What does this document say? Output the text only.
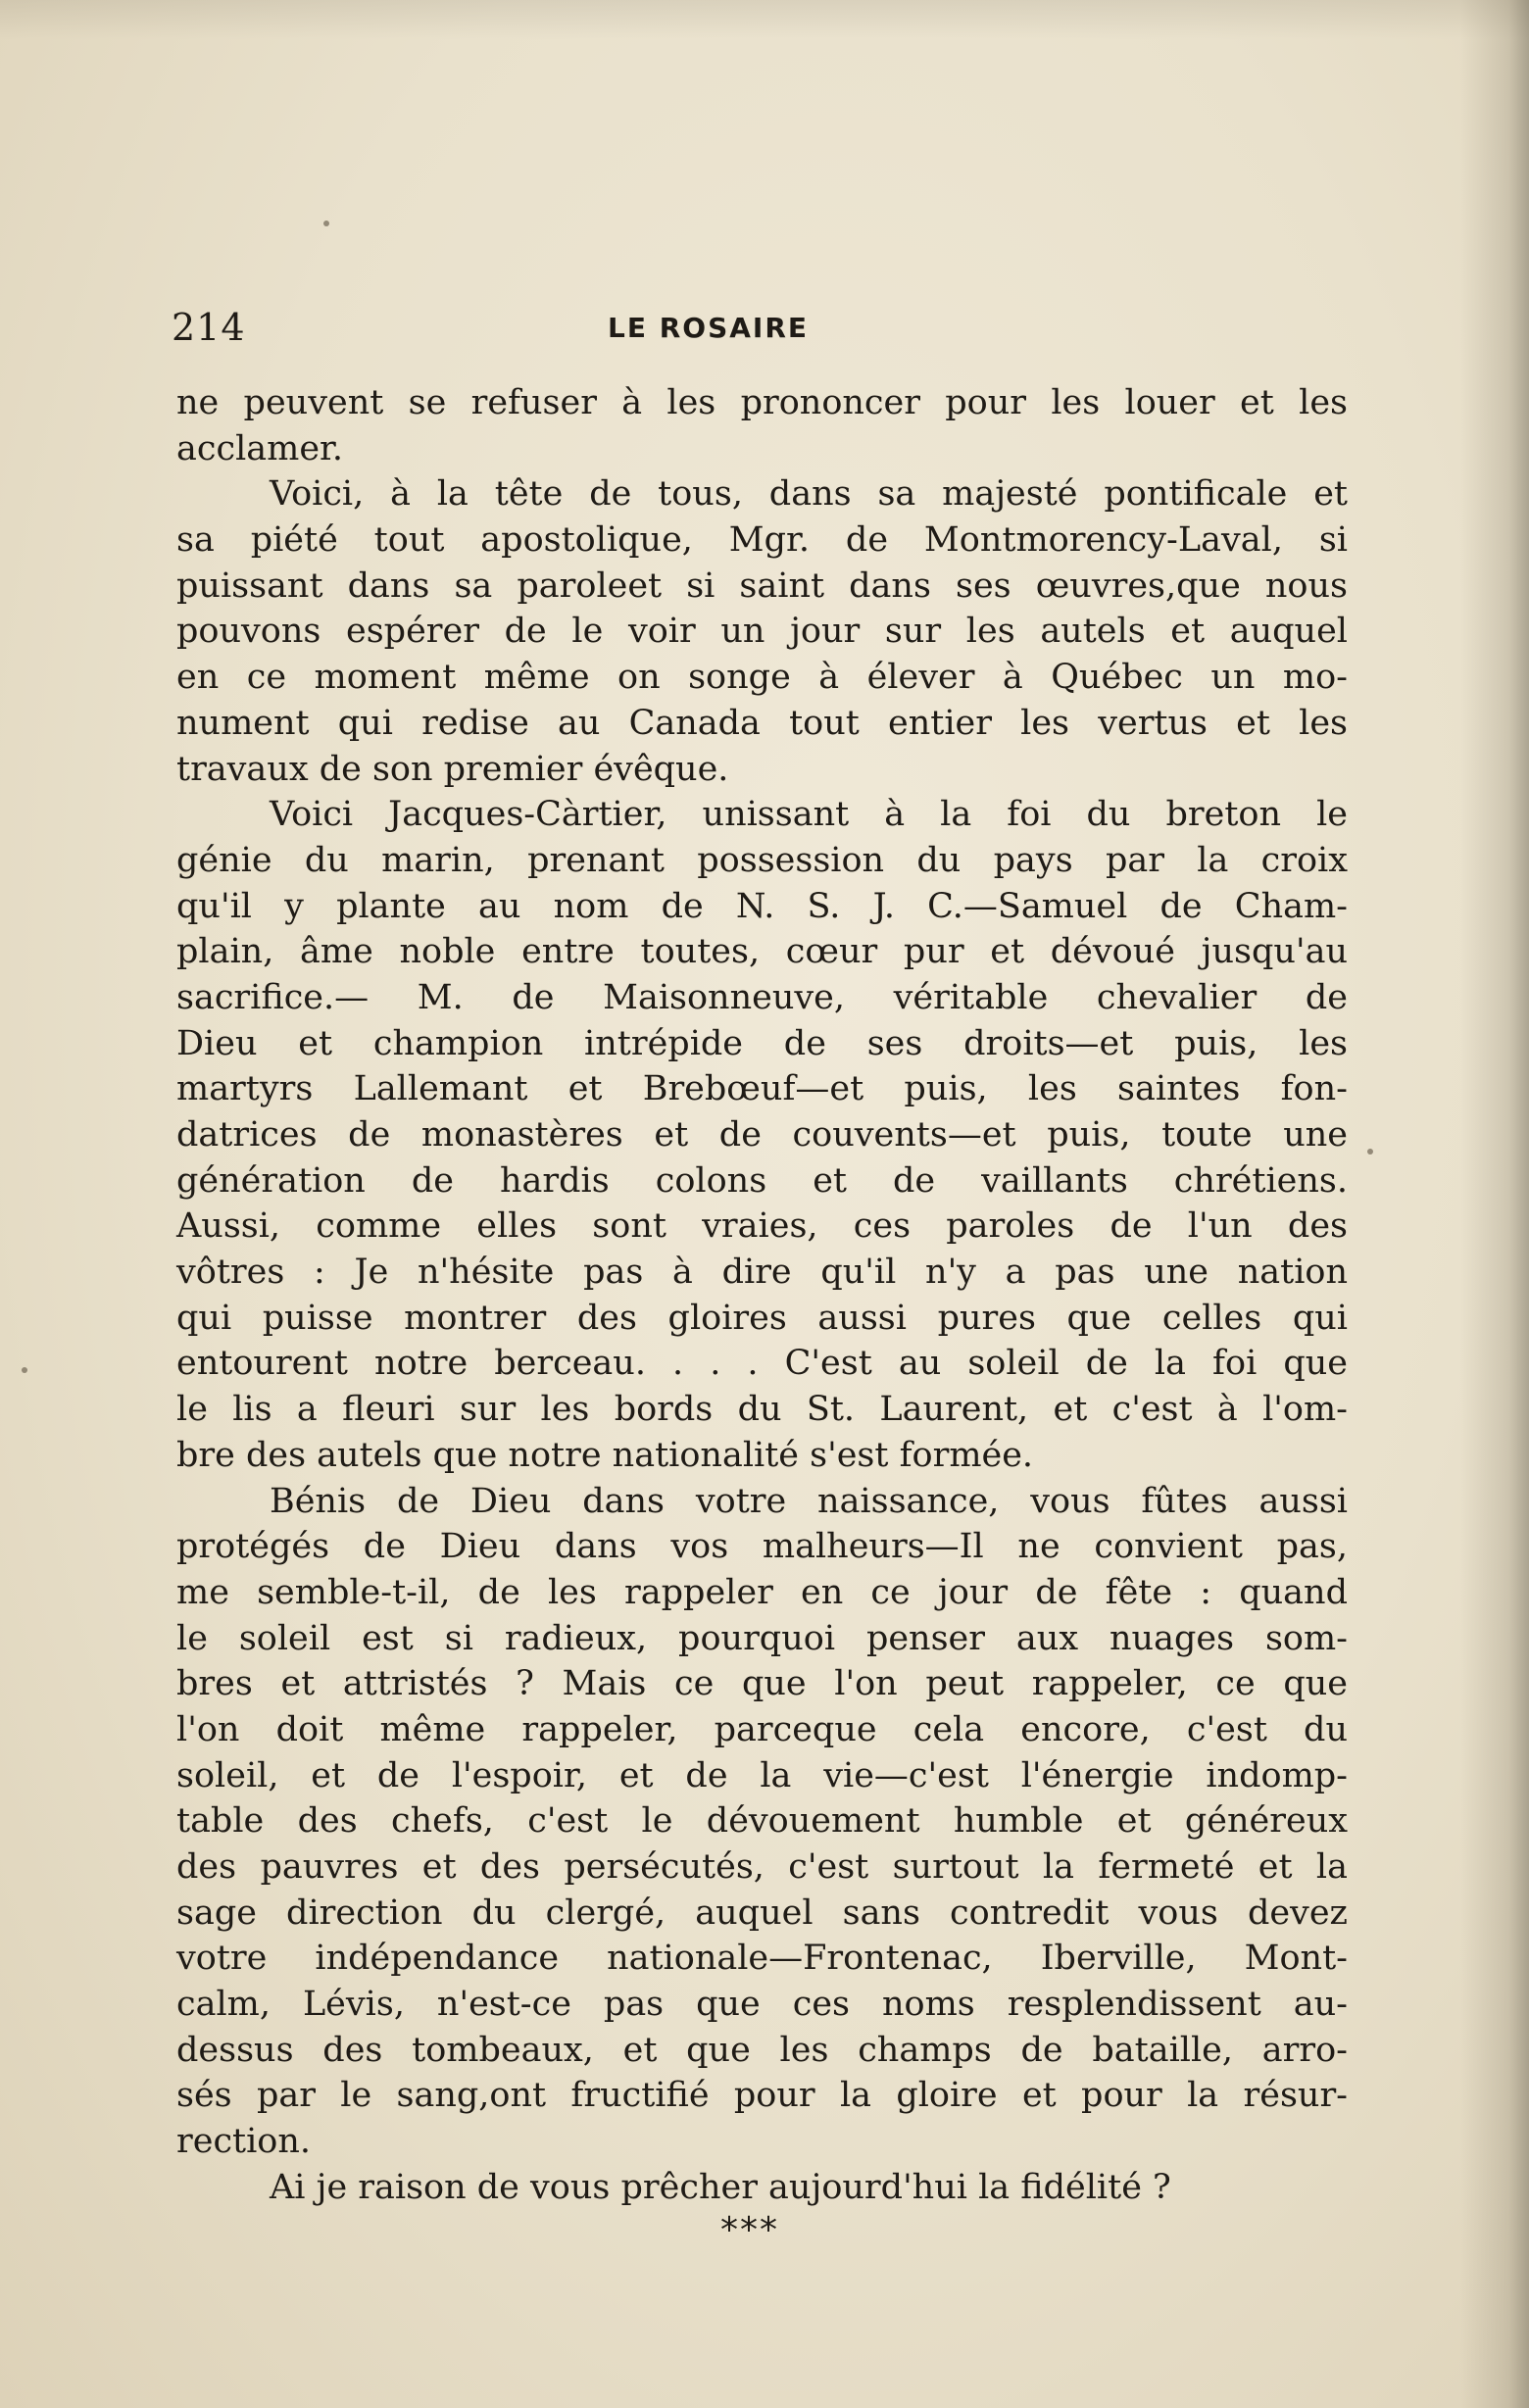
214	LE ROSAIRE
ne peuvent se refuser à les prononcer pour les louer et les
acclamer.
Voici, à la tête de tous, dans sa majesté pontificale et
sa piété tout apostolique, Mgr. de Montmorency-Laval, si
puissant dans sa paroleet si saint dans ses œuvres,que nous
pouvons espérer de le voir un jour sur les autels et auquel
en ce moment même on songe à élever à Québec un mo-
nument qui redise au Canada tout entier les vertus et les
travaux de son premier évêque.
Voici Jacques-Càrtier, unissant à la foi du breton le
génie du marin, prenant possession du pays par la croix
qu'il y plante au nom de N. S. J. C.—Samuel de Cham-
plain, âme noble entre toutes, cœur pur et dévoué jusqu'au
sacrifice.— M. de Maisonneuve, véritable chevalier de
Dieu et champion intrépide de ses droits—et puis, les
martyrs Lallemant et Brebœuf—et puis, les saintes fon-
datrices de monastères et de couvents—et puis, toute une
génération de hardis colons et de vaillants chrétiens.
Aussi, comme elles sont vraies, ces paroles de l'un des
vôtres : Je n'hésite pas à dire qu'il n'y a pas une nation
qui puisse montrer des gloires aussi pures que celles qui
entourent notre berceau. . . . C'est au soleil de la foi que
le lis a fleuri sur les bords du St. Laurent, et c'est à l'om-
bre des autels que notre nationalité s'est formée.
Bénis de Dieu dans votre naissance, vous fûtes aussi
protégés de Dieu dans vos malheurs—Il ne convient pas,
me semble-t-il, de les rappeler en ce jour de fête : quand
le soleil est si radieux, pourquoi penser aux nuages som-
bres et attristés ? Mais ce que l'on peut rappeler, ce que
l'on doit même rappeler, parceque cela encore, c'est du
soleil, et de l'espoir, et de la vie—c'est l'énergie indomp-
table des chefs, c'est le dévouement humble et généreux
des pauvres et des persécutés, c'est surtout la fermeté et la
sage direction du clergé, auquel sans contredit vous devez
votre indépendance nationale—Frontenac, Iberville, Mont-
calm, Lévis, n'est-ce pas que ces noms resplendissent au-
dessus des tombeaux, et que les champs de bataille, arro-
sés par le sang,ont fructifié pour la gloire et pour la résur-
rection.
Ai je raison de vous prêcher aujourd'hui la fidélité ?
***
